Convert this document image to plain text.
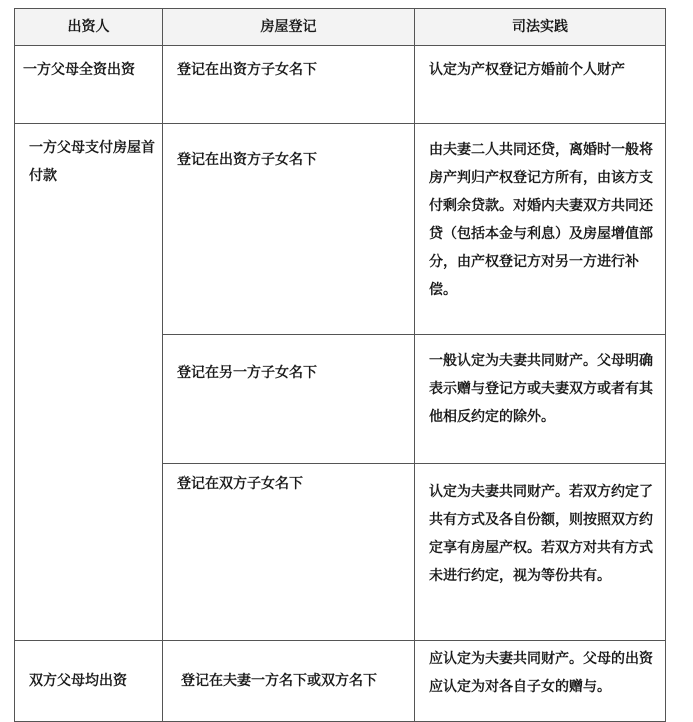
出资人	房屋登记	司法实践

一方父母全资出资	登记在出资方子女名下	认定为产权登记方婚前个人财产

一方父母支付房屋首付款	登记在出资方子女名下	由夫妻二人共同还贷，离婚时一般将房产判归产权登记方所有，由该方支付剩余贷款。对婚内夫妻双方共同还贷（包括本金与利息）及房屋增值部分，由产权登记方对另一方进行补偿。

	登记在另一方子女名下	一般认定为夫妻共同财产。父母明确表示赠与登记方或夫妻双方或者有其他相反约定的除外。

	登记在双方子女名下	认定为夫妻共同财产。若双方约定了共有方式及各自份额，则按照双方约定享有房屋产权。若双方对共有方式未进行约定，视为等份共有。

双方父母均出资	登记在夫妻一方名下或双方名下	应认定为夫妻共同财产。父母的出资应认定为对各自子女的赠与。
